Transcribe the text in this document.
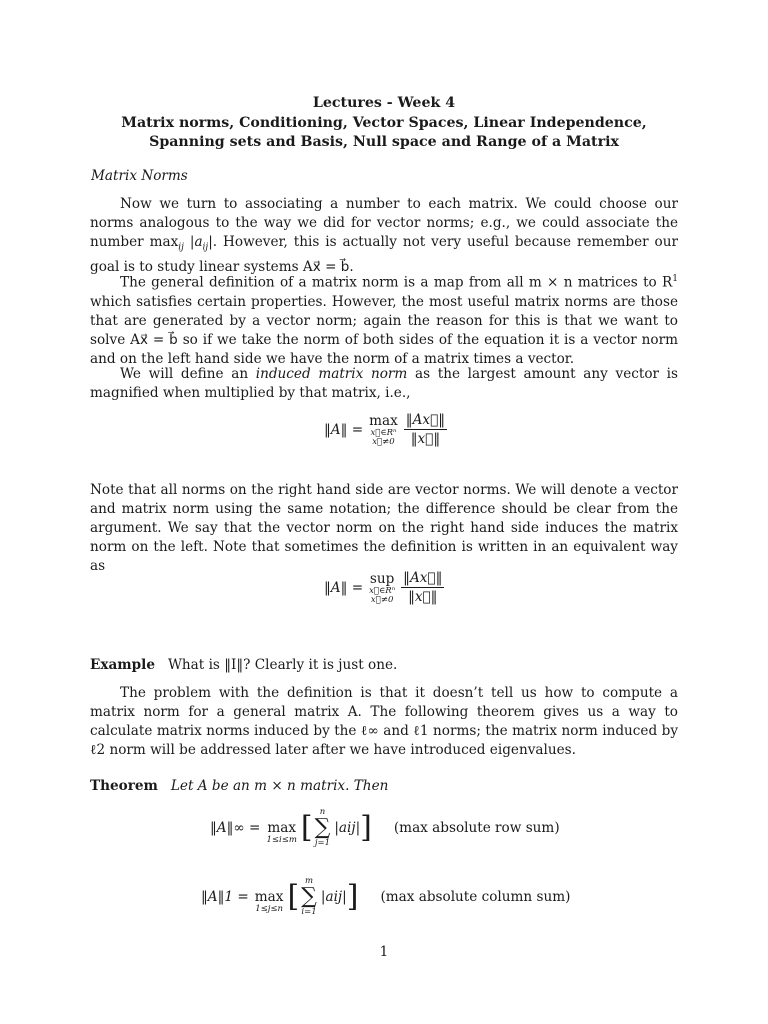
Lectures - Week 4
Matrix norms, Conditioning, Vector Spaces, Linear Independence,
Spanning sets and Basis, Null space and Range of a Matrix
Matrix Norms

Now we turn to associating a number to each matrix. We could choose our norms analogous to the way we did for vector norms; e.g., we could associate the number $\max_{ij} |a_{ij}|$. However, this is actually not very useful because remember our goal is to study linear systems Ax⃗ = b⃗.

The general definition of a matrix norm is a map from all m × n matrices to $R^1$ which satisfies certain properties. However, the most useful matrix norms are those that are generated by a vector norm; again the reason for this is that we want to solve Ax⃗ = b⃗ so if we take the norm of both sides of the equation it is a vector norm and on the left hand side we have the norm of a matrix times a vector.

We will define an induced matrix norm as the largest amount any vector is magnified when multiplied by that matrix, i.e.,

‖A‖ =
max
x⃗∈Rⁿ
x⃗≠0 $\frac{‖Ax⃗‖}{‖x⃗‖}$

Note that all norms on the right hand side are vector norms. We will denote a vector and matrix norm using the same notation; the difference should be clear from the argument. We say that the vector norm on the right hand side induces the matrix norm on the left. Note that sometimes the definition is written in an equivalent way as

‖A‖ =
sup
x⃗∈Rⁿ
x⃗≠0 $\frac{‖Ax⃗‖}{‖x⃗‖}$

Example What is ‖I‖? Clearly it is just one.

The problem with the definition is that it doesn’t tell us how to compute a matrix norm for a general matrix A. The following theorem gives us a way to calculate matrix norms induced by the ℓ∞ and ℓ1 norms; the matrix norm induced by ℓ2 norm will be addressed later after we have introduced eigenvalues.

Theorem Let A be an m × n matrix. Then

‖A‖∞ = max
1≤i≤m [ n
∑
j=1
|aij| ] (max absolute row sum)
‖A‖1 = max
1≤j≤n [ m
∑
i=1
|aij| ] (max absolute column sum)
1
